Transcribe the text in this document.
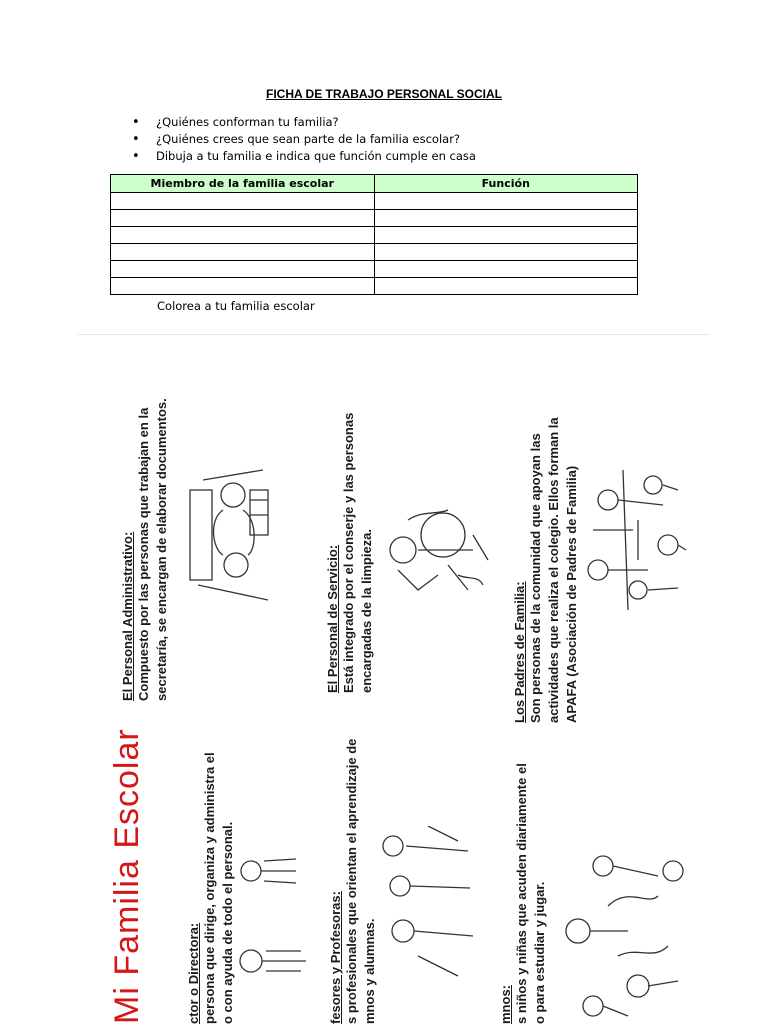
FICHA DE TRABAJO PERSONAL SOCIAL
• ¿Quiénes conforman tu familia?
• ¿Quiénes crees que sean parte de la familia escolar?
• Dibuja a tu familia e indica que función cumple en casa
Miembro de la familia escolar	Función

Colorea a tu familia escolar
El Personal Administrativo: Compuesto por las personas que trabajan en la secretaría, se encargan de elaborar documentos.	El Personal de Servicio: Está integrado por el conserje y las personas encargadas de la limpieza.	Los Padres de Familia: Son personas de la comunidad que apoyan las actividades que realiza el colegio. Ellos forman la APAFA (Asociación de Padres de Familia)
Mi Familia Escolar	ctor o Directora: persona que dirige, organiza y administra el o con ayuda de todo el personal.	fesores y Profesoras: s profesionales que orientan el aprendizaje de mnos y alumnas.	mnos: s niños y niñas que acuden diariamente el o para estudiar y jugar.
